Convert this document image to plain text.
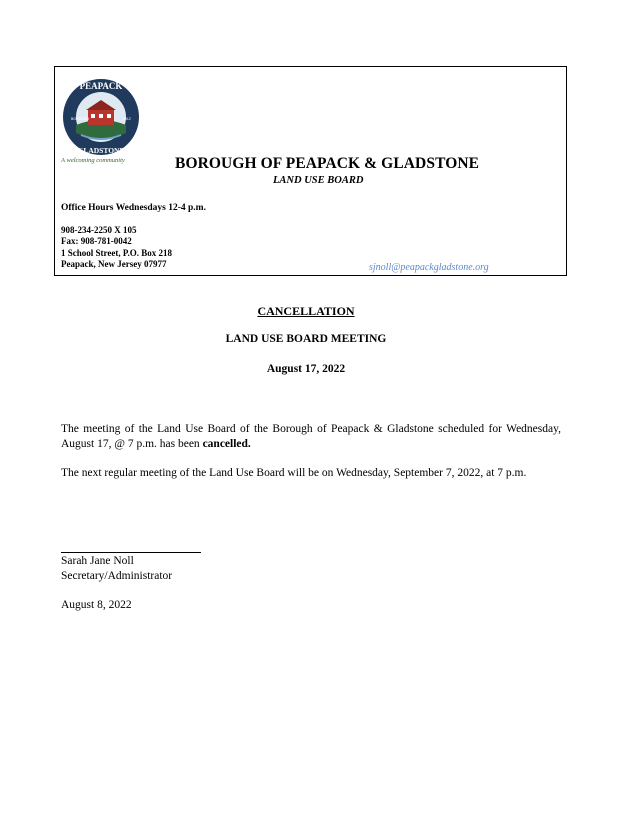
PEAPACK
GLADSTONE
BOROUGH	1912
A welcoming community	BOROUGH OF PEAPACK & GLADSTONE
LAND USE BOARD
Office Hours Wednesdays 12-4 p.m.
908-234-2250 X 105
Fax: 908-781-0042
1 School Street, P.O. Box 218
Peapack, New Jersey 07977	sjnoll@peapackgladstone.org
CANCELLATION
LAND USE BOARD MEETING
August 17, 2022
The meeting of the Land Use Board of the Borough of Peapack & Gladstone scheduled for Wednesday, August 17, @ 7 p.m. has been cancelled.
The next regular meeting of the Land Use Board will be on Wednesday, September 7, 2022, at 7 p.m.
Sarah Jane Noll
Secretary/Administrator
August 8, 2022
